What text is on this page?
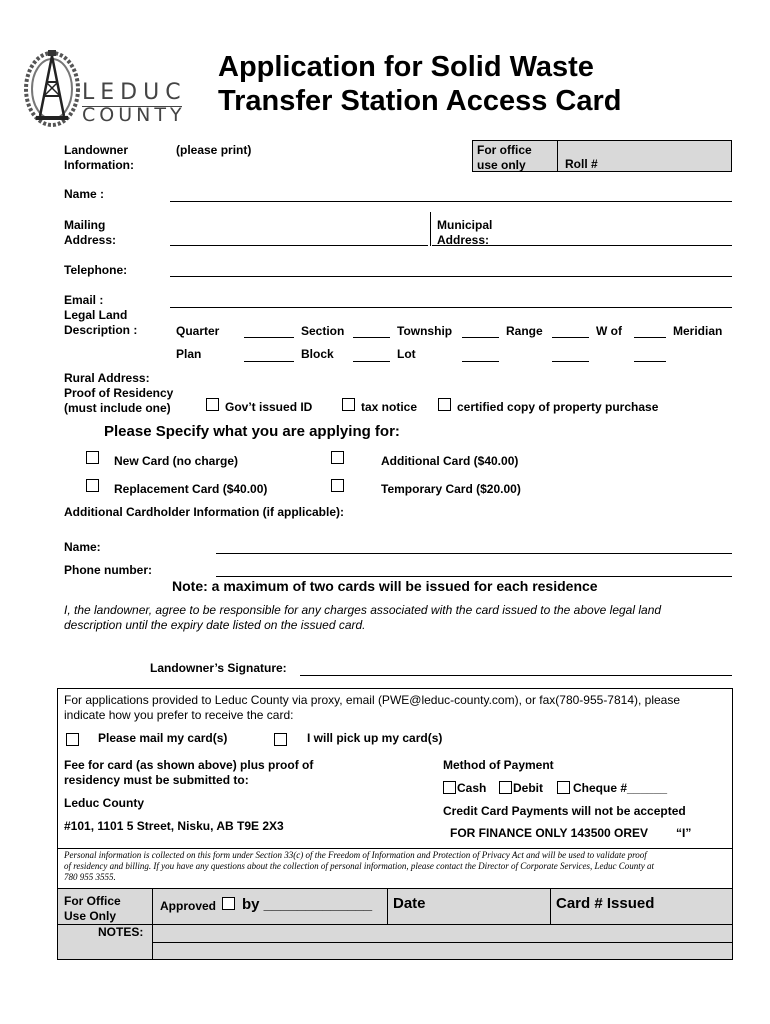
LEDUC
COUNTY
Application for Solid Waste
Transfer Station Access Card
Landowner
Information:
(please print)	For office
use only	Roll #
Name :
Mailing
Address:
Municipal
Address:
Telephone:
Email :
Legal Land
Description :	Quarter	Section	Township	Range	W of	Meridian
Plan	Block	Lot
Rural Address:
Proof of Residency
(must include one)	Gov’t issued ID	tax notice	certified copy of property purchase
Please Specify what you are applying for:
New Card (no charge)	Additional Card ($40.00)
Replacement Card ($40.00)	Temporary Card ($20.00)
Additional Cardholder Information (if applicable):
Name:
Phone number:
Note: a maximum of two cards will be issued for each residence
I, the landowner, agree to be responsible for any charges associated with the card issued to the above legal land
description until the expiry date listed on the issued card.
Landowner’s Signature:
For applications provided to Leduc County via proxy, email (PWE@leduc-county.com), or fax(780-955-7814), please
indicate how you prefer to receive the card:
Please mail my card(s)	I will pick up my card(s)
Fee for card (as shown above) plus proof of
residency must be submitted to:
Leduc County
#101, 1101 5 Street, Nisku, AB T9E 2X3
Method of Payment
Cash Debit	Cheque #______
Credit Card Payments will not be accepted
FOR FINANCE ONLY 143500 OREV “I”
Personal information is collected on this form under Section 33(c) of the Freedom of Information and Protection of Privacy Act and will be used to validate proof
of residency and billing. If you have any questions about the collection of personal information, please contact the Director of Corporate Services, Leduc County at
780 955 3555.
For Office
Use Only
Approved by _____________ Date	Card # Issued
NOTES:
